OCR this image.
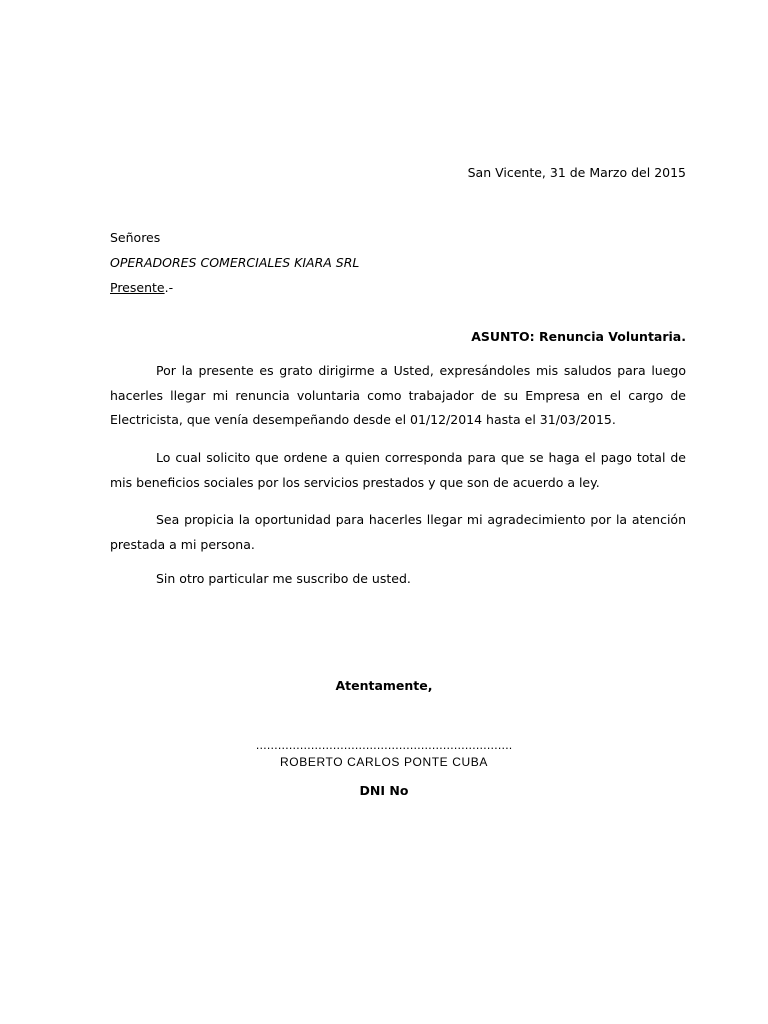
San Vicente, 31 de Marzo del 2015
Señores
OPERADORES COMERCIALES KIARA SRL
Presente.-
ASUNTO: Renuncia Voluntaria.
Por la presente es grato dirigirme a Usted, expresándoles mis saludos para luego hacerles llegar mi renuncia voluntaria como trabajador de su Empresa en el cargo de Electricista, que venía desempeñando desde el 01/12/2014 hasta el 31/03/2015.
Lo cual solicito que ordene a quien corresponda para que se haga el pago total de mis beneficios sociales por los servicios prestados y que son de acuerdo a ley.
Sea propicia la oportunidad para hacerles llegar mi agradecimiento por la atención prestada a mi persona.
Sin otro particular me suscribo de usted.
Atentamente,
…………………………………………………………….
ROBERTO CARLOS PONTE CUBA
DNI No
